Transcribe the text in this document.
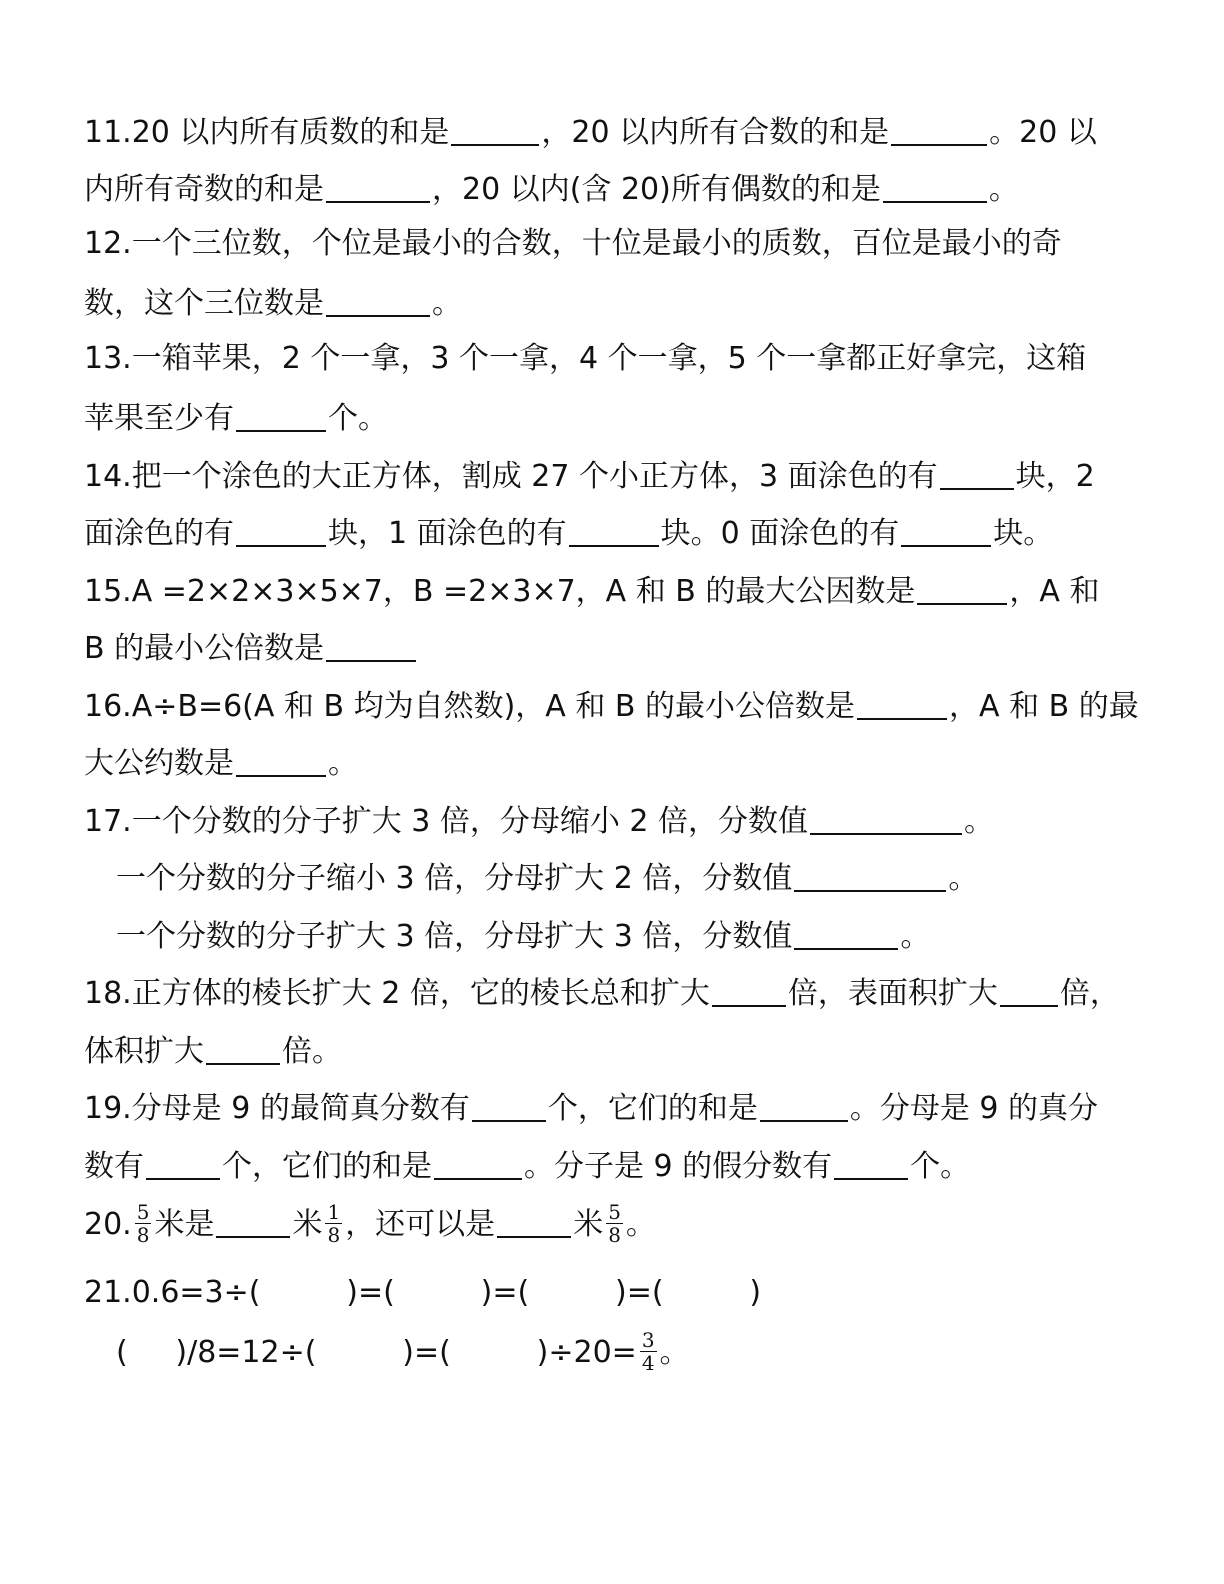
11.20 以内所有质数的和是	，20 以内所有合数的和是	。20 以
内所有奇数的和是	，20 以内(含 20)所有偶数的和是	。
12.一个三位数，个位是最小的合数，十位是最小的质数，百位是最小的奇
数，这个三位数是	。
13.一箱苹果，2 个一拿，3 个一拿，4 个一拿，5 个一拿都正好拿完，这箱
苹果至少有	个。
14.把一个涂色的大正方体，割成 27 个小正方体，3 面涂色的有	块，2
面涂色的有	块，1 面涂色的有	块。0 面涂色的有	块。
15.A =2×2×3×5×7，B =2×3×7，A 和 B 的最大公因数是	，A 和
B 的最小公倍数是
16.A÷B=6(A 和 B 均为自然数)，A 和 B 的最小公倍数是	，A 和 B 的最
大公约数是	。
17.一个分数的分子扩大 3 倍，分母缩小 2 倍，分数值	。
一个分数的分子缩小 3 倍，分母扩大 2 倍，分数值	。
一个分数的分子扩大 3 倍，分母扩大 3 倍，分数值	。
18.正方体的棱长扩大 2 倍，它的棱长总和扩大	倍，表面积扩大 倍，
体积扩大	倍。
19.分母是 9 的最简真分数有	个，它们的和是	。分母是 9 的真分
数有	个，它们的和是	。分子是 9 的假分数有	个。
20. $\frac{5}{8}$ 米是	米 $\frac{1}{8}$ ，还可以是	米 $\frac{5}{8}$ 。
21.0.6=3÷(         )=(         )=(         )=(         )
(     )/8=12÷(         )=(         )$\div 20= \frac{3}{4}$ 。
